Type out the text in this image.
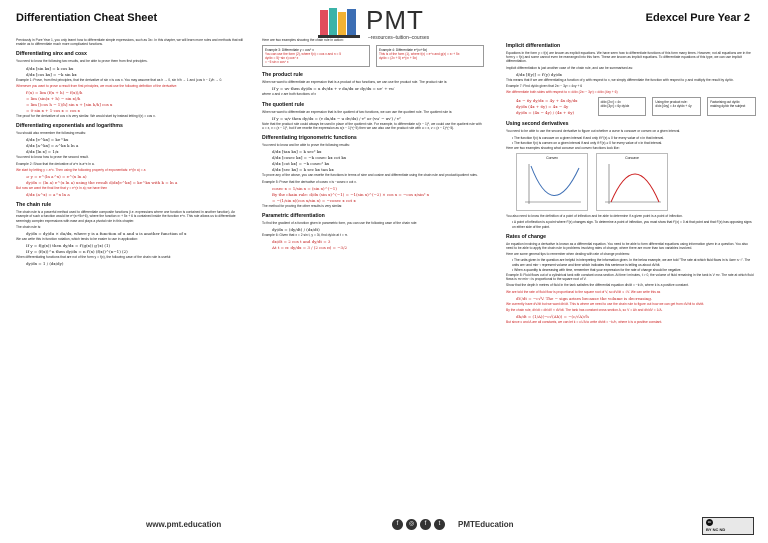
Differentiation Cheat Sheet	PMT
–resources–tuition–courses
Edexcel Pure Year 2
Previously in Pure Year 1, you only learnt how to differentiate simple expressions, such as 3x². In this chapter, we will learn more rules and methods that will enable us to differentiate much more complicated functions.
Differentiating sinx and cosx
You need to know the following two results, and be able to prove them from first principles.
d/dx [sin kx] = k cos kx
d/dx [cos kx] = −k sin kx
Example 1: Prove, from first principles, that the derivative of sin x is cos x. You may assume that as h → 0, sin h/h → 1 and (cos h − 1)/h → 0.
Whenever you want to prove a result from first principles, we must use the following definition of the derivative:
f′(x) = lim (f(x + h) − f(x))/h
= lim (sin(x + h) − sin x)/h
= lim [(cos h − 1)/h] sin x + [sin h/h] cos x
= 0·sin x + 1·cos x = cos x
The proof for the derivative of cos x is very similar. We would start by instead letting f(x) = cos x.
Differentiating exponentials and logarithms
You should also remember the following results:
d/dx [e^kx] = ke^kx
d/dx [a^kx] = a^kx k ln a
d/dx [ln x] = 1/x
You need to know how to prove the second result.
Example 2: Show that the derivative of a^x is a^x ln a.
We start by letting y = a^x. Then using the following property of exponentials: e^(ln a) = a
⇒ y = e^(ln a^x) = e^(x ln a)
dy/dx = (ln a) e^(x ln a) using the result d/dx[e^kx] = ke^kx with k = ln a
But now we want the final line that y = e^(x ln a); we have then
d/dx (a^x) = a^x ln a
The chain rule
The chain rule is a powerful method used to differentiate composite functions (i.e. expressions where one function is contained in another function). An example of such a function would be e^(x²+5x+6), where the function x² + 5x + 6 is contained inside the function e^x. This rule allows us to differentiate seemingly complex expressions with ease and plays a pivotal role in this chapter.
The chain rule is:
dy/dx = dy/du × du/dx, where y is a function of u and u is another function of x
We can write this in function notation, which tends to be easier to use in application:
If y = f(g(x)) then dy/dx = f′(g(x)) g′(x) (1)
If y = (f(x))^n then dy/dx = n f′(x) (f(x))^(n−1) (2)
When differentiating functions that are not of the form y = f(x), the following case of the chain rule is useful:
dy/dx = 1 / (dx/dy)
Here are two examples showing the chain rule in action:
Example 3: Differentiate y = cos⁵ x
You can use the form (2), where f(x) = cos x and n = 5
dy/dx = 5(−sin x) cos⁴ x
= −5 sin x cos⁴ x
Example 4: Differentiate e^(x²+5x)
This is of the form (1), where f(x) = e^x and g(x) = x² + 5x
dy/dx = (2x + 5) e^(x² + 5x)
The product rule
When we want to differentiate an expression that is a product of two functions, we can use the product rule. The product rule is:
If y = uv then dy/dx = u dv/dx + v du/dx or dy/dx = uv′ + vu′
where u and v are both functions of x
The quotient rule
When we want to differentiate an expression that is the quotient of two functions, we can use the quotient rule. The quotient rule is:
If y = u/v then dy/dx = (v du/dx − u dv/dx) / v² or (vu′ − uv′) / v²
Note that the product rule could always be used in place of the quotient rule. For example, to differentiate x/(x − 1)⁵, we could use the quotient rule with u = x, v = (x − 1)⁵, but if we rewrite the expression as x(x − 1)^(−5) then we can also use the product rule with u = x, v = (x − 1)^(−5).
Differentiating trigonometric functions
You need to know and be able to prove the following results:
d/dx [tan kx] = k sec² kx
d/dx [cosec kx] = −k cosec kx cot kx
d/dx [cot kx] = −k cosec² kx
d/dx [sec kx] = k sec kx tan kx
To prove any of the above, you can rewrite the functions in terms of sine and cosine and differentiate using the chain rule and product/quotient rules.
Example 5: Prove that the derivative of cosec x is −cosec x cot x.
cosec x = 1/sin x = (sin x)^(−1)
By the chain rule: d/dx (sin x)^(−1) = −1(sin x)^(−2) × cos x = −cos x/sin² x
= −(1/sin x)(cos x/sin x) = −cosec x cot x
The method for proving the other results is very similar.
Parametric differentiation
To find the gradient of a function given in parametric form, you can use the following case of the chain rule:
dy/dx = (dy/dt) / (dx/dt)
Example 6: Given that x = 2 sin t, y = 3t, find dy/dx at t = π.
dx/dt = 2 cos t and dy/dt = 3
At t = π: dy/dx = 3 / (2 cos π) = −3/2
Implicit differentiation
Equations in the form y = f(x) are known as explicit equations. We have seen how to differentiate functions of this form many times. However, not all equations are in the form y = f(x) and some cannot even be rearranged into this form. These are known as implicit equations. To differentiate equations of this type, we can use implicit differentiation.
Implicit differentiation is just another case of the chain rule, and can be summarised as:
d/dx [f(y)] = f′(y) dy/dx
This means that if we are differentiating a function of y with respect to x, we simply differentiate the function with respect to y and multiply the result by dy/dx.
Example 7: Find dy/dx given that 2x² − 3y² = 4xy + 6
We differentiate both sides with respect to x: d/dx (2x² − 3y²) = d/dx (4xy + 6)
4x − 6y dy/dx = 4y + 4x dy/dx
dy/dx (4x + 6y) = 4x − 4y
dy/dx = (4x − 4y) / (4x + 6y)
d/dx [2x²] = 4x
d/dx [3y²] = 6y dy/dx
Using the product rule:
d/dx [4xy] = 4x dy/dx + 4y
Factorising out dy/dx
making dy/dx the subject
Using second derivatives
You need to be able to use the second derivative to figure out whether a curve is concave or convex on a given interval.
• The function f(x) is concave on a given interval if and only if f″(x) ≤ 0 for every value of x in that interval.
• The function f(x) is convex on a given interval if and only if f″(x) ≥ 0 for every value of x in that interval.
Here are two examples showing what concave and convex functions look like:
Convex	Concave
You also need to know the definition of a point of inflection and be able to determine if a given point is a point of inflection.
• A point of inflection is a point where f″(x) changes sign. To determine a point of inflection, you must show that f″(x) = 0 at that point and that f″(x) has opposing signs on either side of the point.
Rates of change
An equation involving a derivative is known as a differential equation. You need to be able to form differential equations using information given in a question. You also need to be able to apply the chain rule to problems involving rates of change, where there are more than two variables involved.
Here are some general tips to remember when dealing with rate of change problems:
• The units given in the question are helpful in interpreting the information given. In the below example, we are told "The rate at which fluid flows in is 4cm³ s⁻¹". The units cm³ and min⁻¹ represent volume and time which indicates this sentence is telling us about dV/dt.
• When a quantity is decreasing with time, remember that your expression for the rate of change should be negative.
Example 8: Fluid flows out of a cylindrical tank with constant cross section. At time t minutes, t > 0, the volume of fluid remaining in the tank is V m³. The rate at which fluid flows is m³ min⁻¹ is proportional to the square root of V.
Show that the depth h metres of fluid in the tank satisfies the differential equation dh/dt = −k√h, where k is a positive constant.
We are told the rate of fluid flow is proportional to the square root of V, so dV/dt ∝ √V. We can write this as
dV/dt = −c√V. The − sign arises because the volume is decreasing.
We currently have dV/dt but we want dh/dt. This is where we need to use the chain rule to figure out how we can get from dV/dt to dh/dt.
By the chain rule, dh/dt = dh/dV × dV/dt. The tank has constant cross section A, so V = Ah and dh/dV = 1/A.
dh/dt = (1/A)(−c√(Ah)) = −(c/√A)√h
But since c and A are all constants, we can let k = c/√A to write dh/dt = −k√h, where k is a positive constant.
www.pmt.education	f	◎	f	t	PMTEducation	cc
BY NC ND
